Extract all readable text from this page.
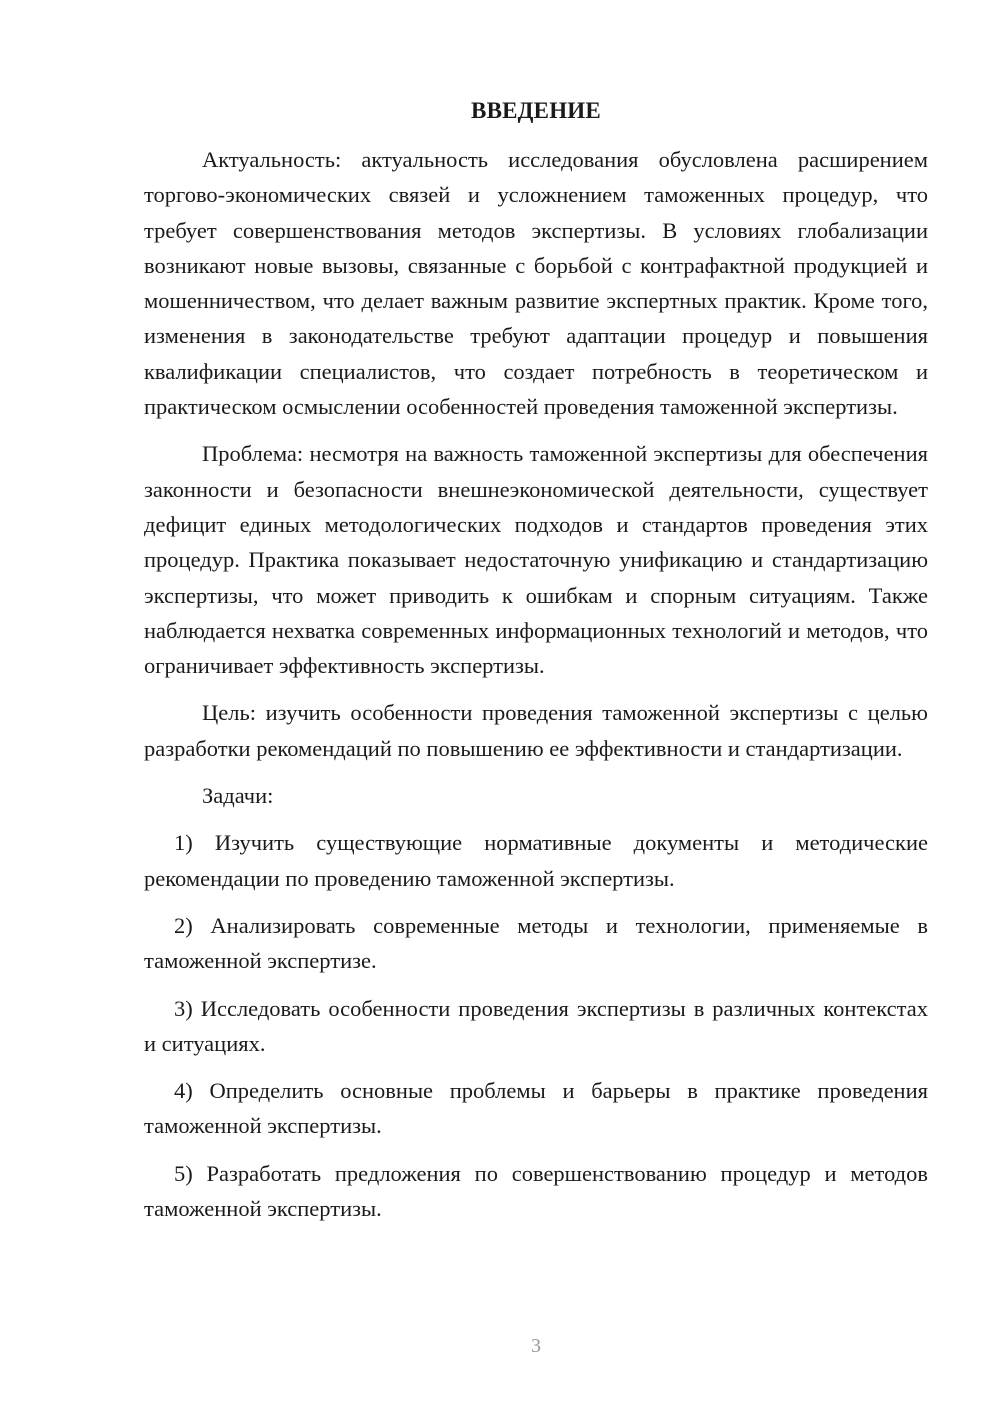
ВВЕДЕНИЕ

Актуальность: актуальность исследования обусловлена расширением торгово-экономических связей и усложнением таможенных процедур, что требует совершенствования методов экспертизы. В условиях глобализации возникают новые вызовы, связанные с борьбой с контрафактной продукцией и мошенничеством, что делает важным развитие экспертных практик. Кроме того, изменения в законодательстве требуют адаптации процедур и повышения квалификации специалистов, что создает потребность в теоретическом и практическом осмыслении особенностей проведения таможенной экспертизы.

Проблема: несмотря на важность таможенной экспертизы для обеспечения законности и безопасности внешнеэкономической деятельности, существует дефицит единых методологических подходов и стандартов проведения этих процедур. Практика показывает недостаточную унификацию и стандартизацию экспертизы, что может приводить к ошибкам и спорным ситуациям. Также наблюдается нехватка современных информационных технологий и методов, что ограничивает эффективность экспертизы.

Цель: изучить особенности проведения таможенной экспертизы с целью разработки рекомендаций по повышению ее эффективности и стандартизации.

Задачи:

1) Изучить существующие нормативные документы и методические рекомендации по проведению таможенной экспертизы.

2) Анализировать современные методы и технологии, применяемые в таможенной экспертизе.

3) Исследовать особенности проведения экспертизы в различных контекстах и ситуациях.

4) Определить основные проблемы и барьеры в практике проведения таможенной экспертизы.

5) Разработать предложения по совершенствованию процедур и методов таможенной экспертизы.

3
